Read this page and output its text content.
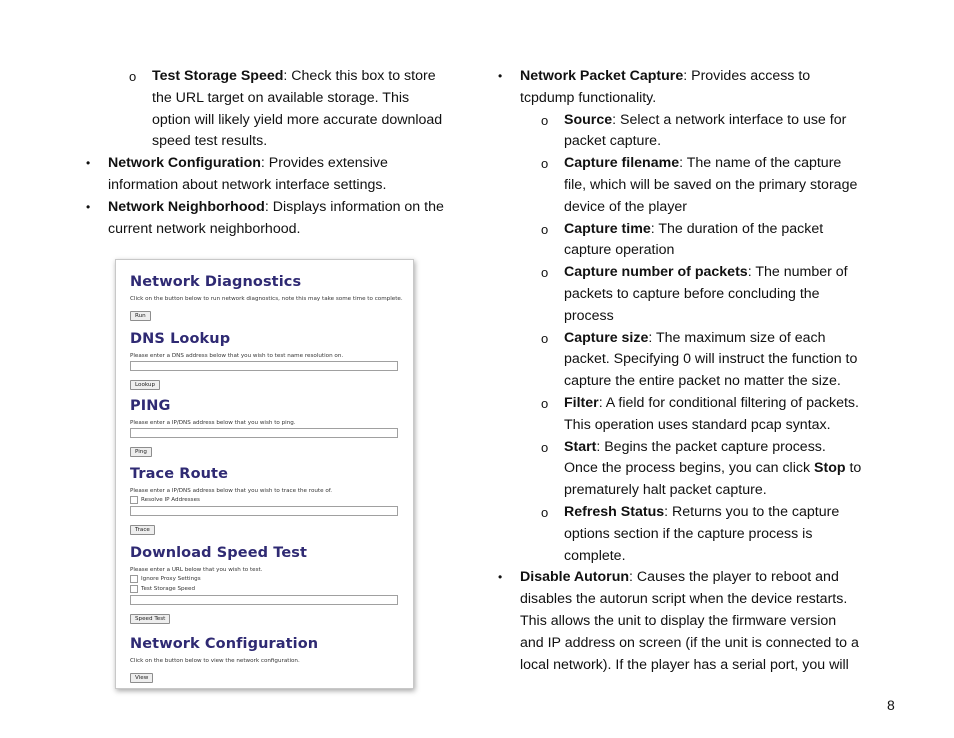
o Test Storage Speed: Check this box to store
the URL target on available storage. This
option will likely yield more accurate download
speed test results.
• Network Configuration: Provides extensive
information about network interface settings.
• Network Neighborhood: Displays information on the
current network neighborhood.
Network Diagnostics
Click on the button below to run network diagnostics, note this may take some time to complete.
Run
DNS Lookup
Please enter a DNS address below that you wish to test name resolution on.
Lookup
PING
Please enter a IP/DNS address below that you wish to ping.
Ping
Trace Route
Please enter a IP/DNS address below that you wish to trace the route of.
Resolve IP Addresses
Trace
Download Speed Test
Please enter a URL below that you wish to test.
Ignore Proxy Settings
Test Storage Speed
Speed Test
Network Configuration
Click on the button below to view the network configuration.
View
• Network Packet Capture: Provides access to
tcpdump functionality.
o Source: Select a network interface to use for
packet capture.
o Capture filename: The name of the capture
file, which will be saved on the primary storage
device of the player
o Capture time: The duration of the packet
capture operation
o Capture number of packets: The number of
packets to capture before concluding the
process
o Capture size: The maximum size of each
packet. Specifying 0 will instruct the function to
capture the entire packet no matter the size.
o Filter: A field for conditional filtering of packets.
This operation uses standard pcap syntax.
o Start: Begins the packet capture process.
Once the process begins, you can click Stop to
prematurely halt packet capture.
o Refresh Status: Returns you to the capture
options section if the capture process is
complete.
• Disable Autorun: Causes the player to reboot and
disables the autorun script when the device restarts.
This allows the unit to display the firmware version
and IP address on screen (if the unit is connected to a
local network). If the player has a serial port, you will
8
